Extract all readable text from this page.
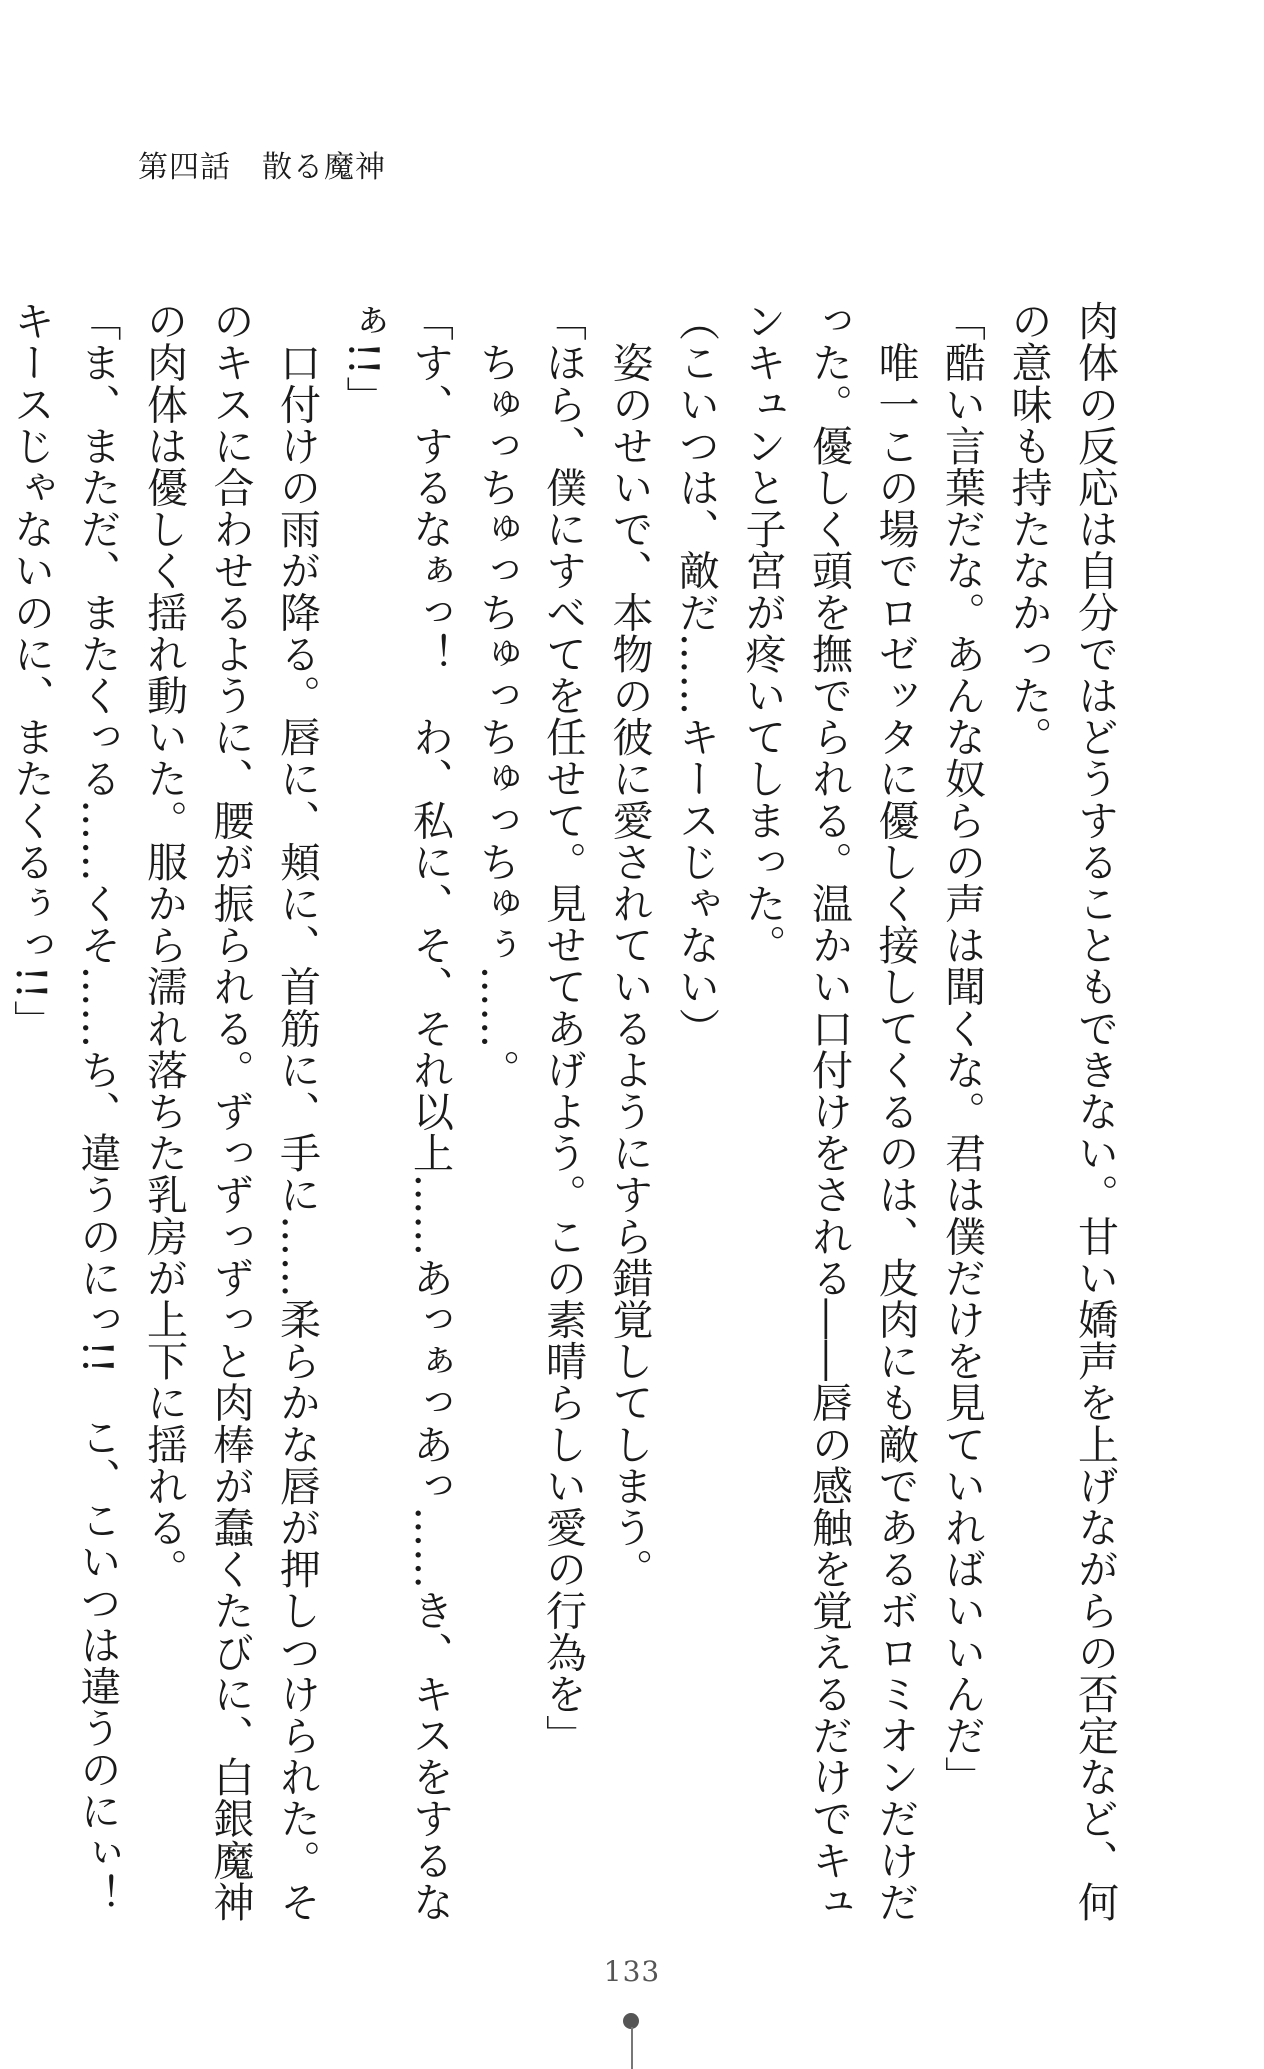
第四話　散る魔神

肉体の反応は自分ではどうすることもできない。甘い嬌声を上げながらの否定など、何の意味も持たなかった。

「酷い言葉だな。あんな奴らの声は聞くな。君は僕だけを見ていればいいんだ」

　唯一この場でロゼッタに優しく接してくるのは、皮肉にも敵であるボロミオンだけだった。優しく頭を撫でられる。温かい口付けをされる――唇の感触を覚えるだけでキュンキュンと子宮が疼いてしまった。

（こいつは、敵だ……キースじゃない）

　姿のせいで、本物の彼に愛されているようにすら錯覚してしまう。

「ほら、僕にすべてを任せて。見せてあげよう。この素晴らしい愛の行為を」

　ちゅっちゅっちゅっちゅっちゅぅ……。

「す、するなぁっ！　わ、私に、そ、それ以上……あっぁっあっ……き、キスをするなぁ!!」

　口付けの雨が降る。唇に、頬に、首筋に、手に……柔らかな唇が押しつけられた。そのキスに合わせるように、腰が振られる。ずっずっずっと肉棒が蠢くたびに、白銀魔神の肉体は優しく揺れ動いた。服から濡れ落ちた乳房が上下に揺れる。

「ま、まただ、またくっる……くそ……ち、違うのにっ!!　こ、こいつは違うのにぃ！キースじゃないのに、またくるぅっ!!」

133
